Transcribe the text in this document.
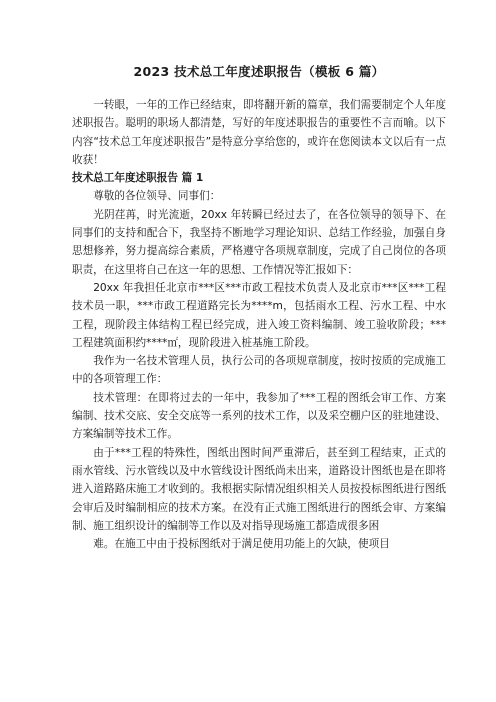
2023 技术总工年度述职报告（模板 6 篇）

一转眼，一年的工作已经结束，即将翻开新的篇章，我们需要制定个人年度述职报告。聪明的职场人都清楚，写好的年度述职报告的重要性不言而喻。以下内容“技术总工年度述职报告”是特意分享给您的，或许在您阅读本文以后有一点收获！

技术总工年度述职报告 篇 1

尊敬的各位领导、同事们：

光阴荏苒，时光流逝，20xx 年转瞬已经过去了，在各位领导的领导下、在同事们的支持和配合下，我坚持不断地学习理论知识、总结工作经验，加强自身思想修养，努力提高综合素质，严格遵守各项规章制度，完成了自己岗位的各项职责，在这里将自己在这一年的思想、工作情况等汇报如下：

20xx 年我担任北京市***区***市政工程技术负责人及北京市***区***工程技术员一职，***市政工程道路完长为****m，包括雨水工程、污水工程、中水工程，现阶段主体结构工程已经完成，进入竣工资料编制、竣工验收阶段；***工程建筑面积约****㎡，现阶段进入桩基施工阶段。

我作为一名技术管理人员，执行公司的各项规章制度，按时按质的完成施工中的各项管理工作：

技术管理：在即将过去的一年中，我参加了***工程的图纸会审工作、方案编制、技术交底、安全交底等一系列的技术工作，以及采空棚户区的驻地建设、方案编制等技术工作。

由于***工程的特殊性，图纸出图时间严重滞后，甚至到工程结束，正式的雨水管线、污水管线以及中水管线设计图纸尚未出来，道路设计图纸也是在即将进入道路路床施工才收到的。我根据实际情况组织相关人员按投标图纸进行图纸会审后及时编制相应的技术方案。在没有正式施工图纸进行的图纸会审、方案编制、施工组织设计的编制等工作以及对指导现场施工都造成很多困

难。在施工中由于投标图纸对于满足使用功能上的欠缺，使项目
